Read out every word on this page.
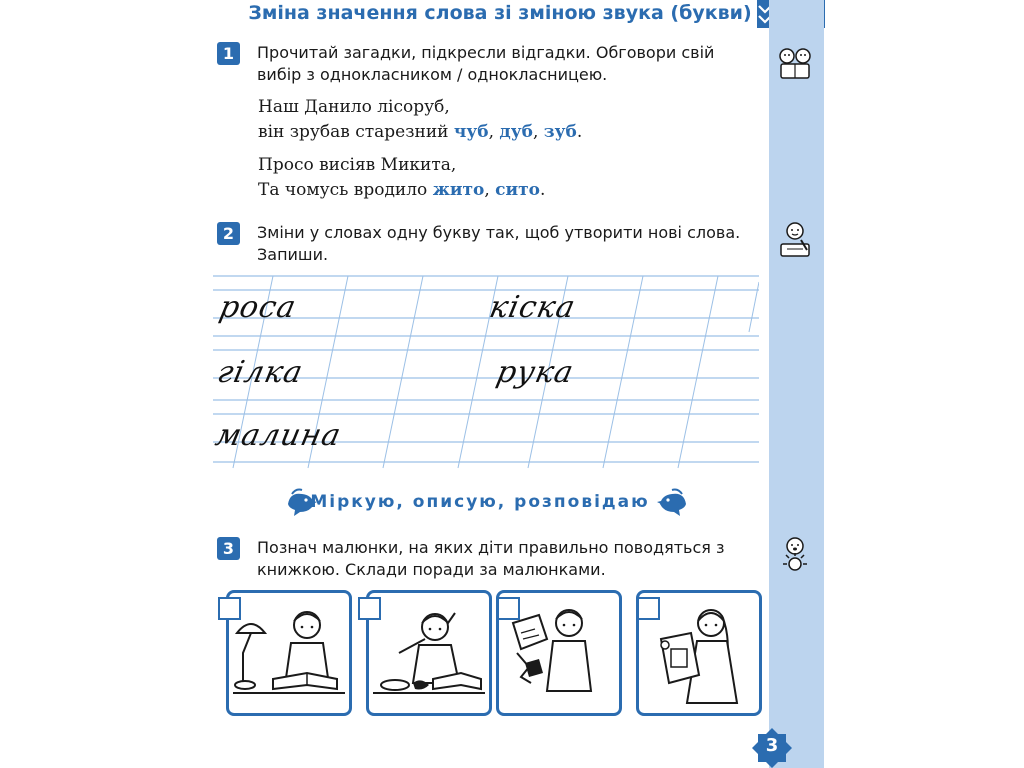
Зміна значення слова зі зміною звука (букви)
1	Прочитай загадки, підкресли відгадки. Обговори свій вибір з однокласником / однокласницею.
Наш Данило лісоруб,
він зрубав старезний чуб, дуб, зуб.
Просо висіяв Микита,
Та чомусь вродило жито, сито.
2	Зміни у словах одну букву так, щоб утворити нові слова. Запиши.
роса	кіска
гілка	рука
малина
Міркую, описую, розповідаю
3	Познач малюнки, на яких діти правильно поводяться з книжкою. Склади поради за малюнками.
3
